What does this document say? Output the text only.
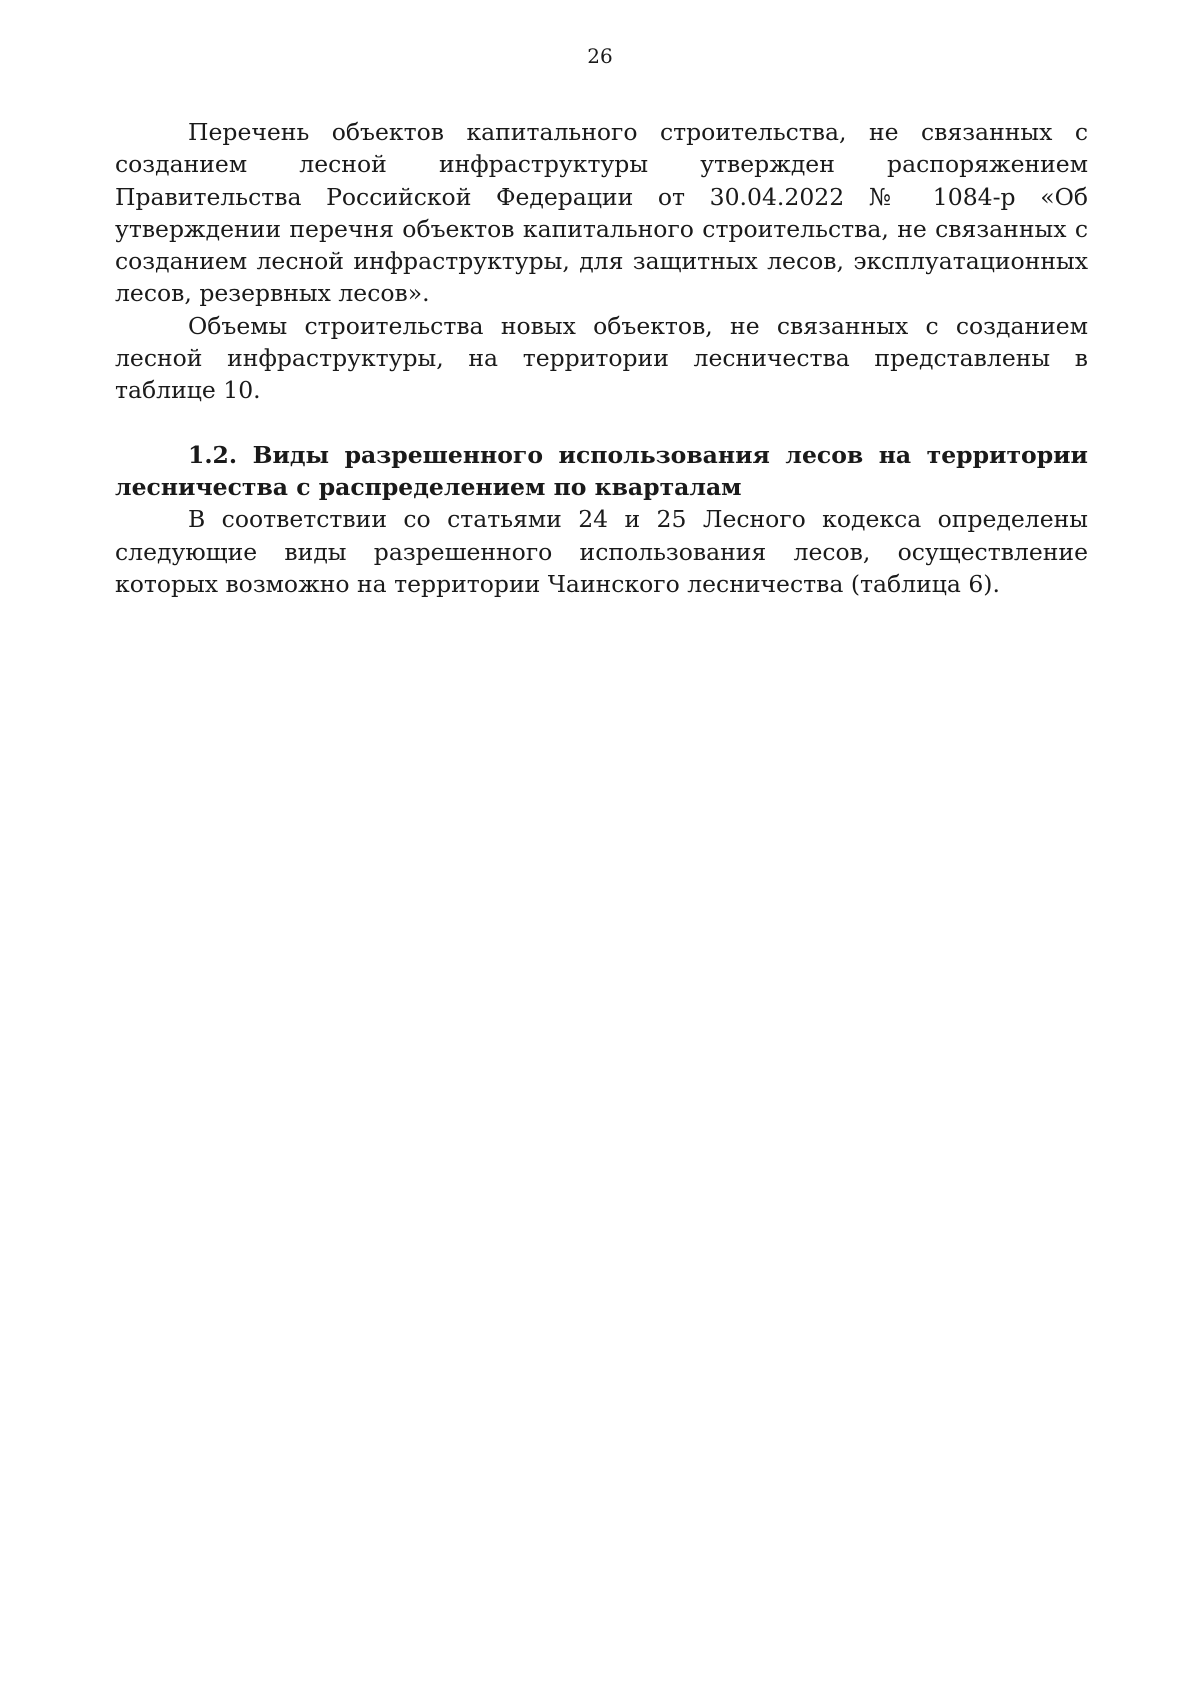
26

Перечень объектов капитального строительства, не связанных с созданием лесной инфраструктуры утвержден распоряжением Правительства Российской Федерации от 30.04.2022 № 1084-р «Об утверждении перечня объектов капитального строительства, не связанных с созданием лесной инфраструктуры, для защитных лесов, эксплуатационных лесов, резервных лесов».

Объемы строительства новых объектов, не связанных с созданием лесной инфраструктуры, на территории лесничества представлены в таблице 10.

1.2. Виды разрешенного использования лесов на территории лесничества с распределением по кварталам

В соответствии со статьями 24 и 25 Лесного кодекса определены следующие виды разрешенного использования лесов, осуществление которых возможно на территории Чаинского лесничества (таблица 6).
